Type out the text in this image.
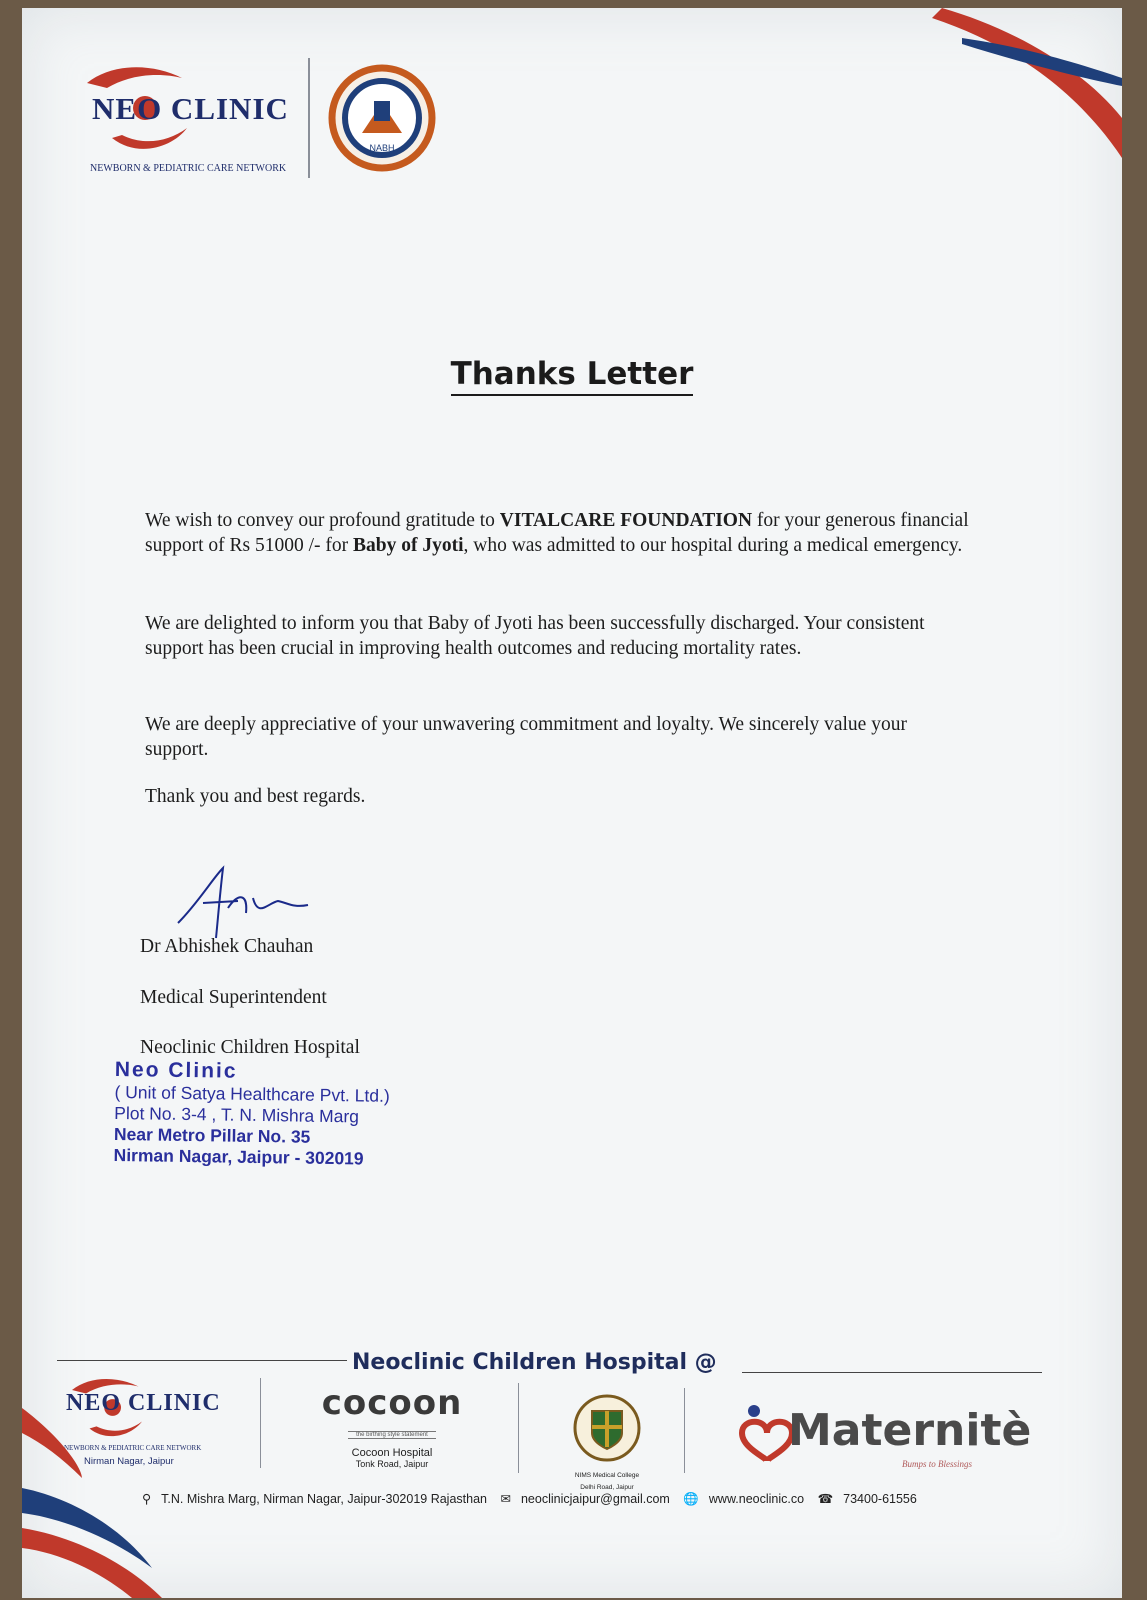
NEO CLINIC
NEWBORN & PEDIATRIC CARE NETWORK
NABH
Thanks Letter
We wish to convey our profound gratitude to VITALCARE FOUNDATION for your generous financial support of Rs 51000 /- for Baby of Jyoti, who was admitted to our hospital during a medical emergency.
We are delighted to inform you that Baby of Jyoti has been successfully discharged. Your consistent support has been crucial in improving health outcomes and reducing mortality rates.
We are deeply appreciative of your unwavering commitment and loyalty. We sincerely value your support.
Thank you and best regards.
Dr Abhishek Chauhan
Medical Superintendent
Neoclinic Children Hospital
Neo Clinic
( Unit of Satya Healthcare Pvt. Ltd.)
Plot No. 3-4 , T. N. Mishra Marg
Near Metro Pillar No. 35
Nirman Nagar, Jaipur - 302019
Neoclinic Children Hospital @
NEO CLINIC
NEWBORN & PEDIATRIC CARE NETWORK
Nirman Nagar, Jaipur
cocoon
the birthing style statement
Cocoon Hospital
Tonk Road, Jaipur
NIMS Medical College
Delhi Road, Jaipur
Maternitè
Bumps to Blessings
⚲ T.N. Mishra Marg, Nirman Nagar, Jaipur-302019 Rajasthan ✉ neoclinicjaipur@gmail.com 🌐 www.neoclinic.co ☎ 73400-61556
